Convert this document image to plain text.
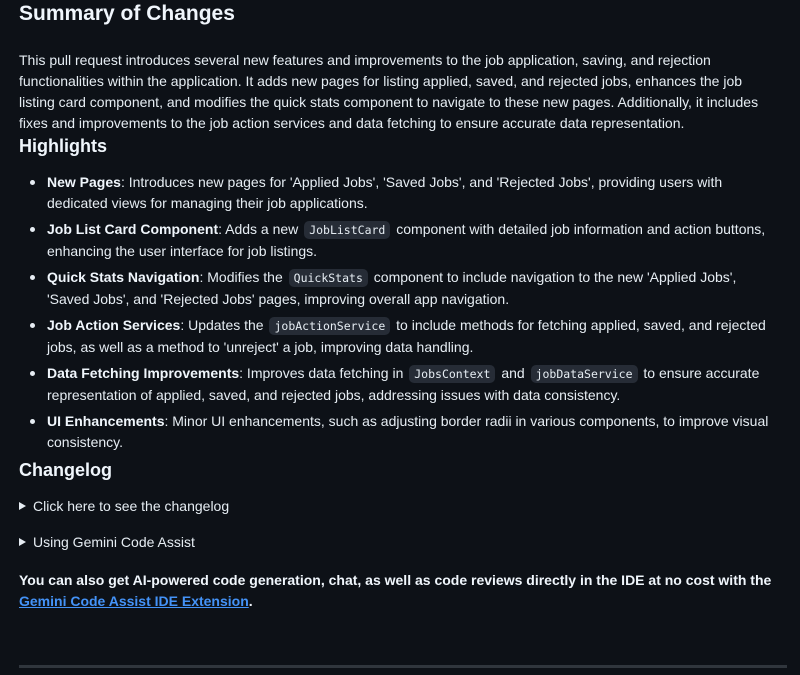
Summary of Changes

This pull request introduces several new features and improvements to the job application, saving, and rejection functionalities within the application. It adds new pages for listing applied, saved, and rejected jobs, enhances the job listing card component, and modifies the quick stats component to navigate to these new pages. Additionally, it includes fixes and improvements to the job action services and data fetching to ensure accurate data representation.

Highlights
New Pages: Introduces new pages for 'Applied Jobs', 'Saved Jobs', and 'Rejected Jobs', providing users with dedicated views for managing their job applications.
Job List Card Component: Adds a new JobListCard component with detailed job information and action buttons, enhancing the user interface for job listings.
Quick Stats Navigation: Modifies the QuickStats component to include navigation to the new 'Applied Jobs', 'Saved Jobs', and 'Rejected Jobs' pages, improving overall app navigation.
Job Action Services: Updates the jobActionService to include methods for fetching applied, saved, and rejected jobs, as well as a method to 'unreject' a job, improving data handling.
Data Fetching Improvements: Improves data fetching in JobsContext and jobDataService to ensure accurate representation of applied, saved, and rejected jobs, addressing issues with data consistency.
UI Enhancements: Minor UI enhancements, such as adjusting border radii in various components, to improve visual consistency.
Changelog
Click here to see the changelog
Using Gemini Code Assist

You can also get AI-powered code generation, chat, as well as code reviews directly in the IDE at no cost with the Gemini Code Assist IDE Extension.
